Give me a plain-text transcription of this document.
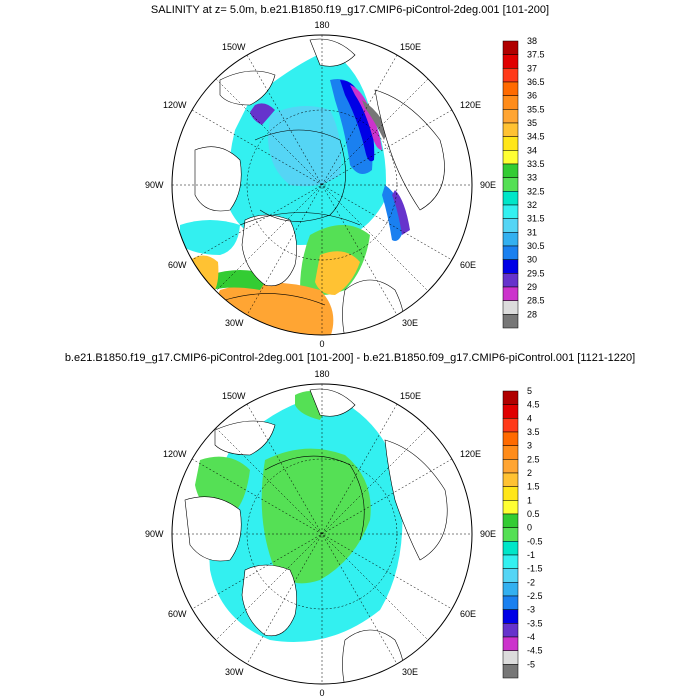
SALINITY at z= 5.0m, b.e21.B1850.f19_g17.CMIP6-piControl-2deg.001 [101-200]
b.e21.B1850.f19_g17.CMIP6-piControl-2deg.001 [101-200] - b.e21.B1850.f09_g17.CMIP6-piControl.001 [1121-1220]
180
0
90W	90E
150W
120W
60W
30W
150E
120E
60E
30E
180
0
90W	90E
150W
120W
60W
30W
150E
120E
60E
30E
38
37.5
37
36.5
36
35.5
35
34.5
34
33.5
33
32.5
32
31.5
31
30.5
30
29.5
29
28.5
28
5
4.5
4
3.5
3
2.5
2
1.5
1
0.5
0
-0.5
-1
-1.5
-2
-2.5
-3
-3.5
-4
-4.5
-5
